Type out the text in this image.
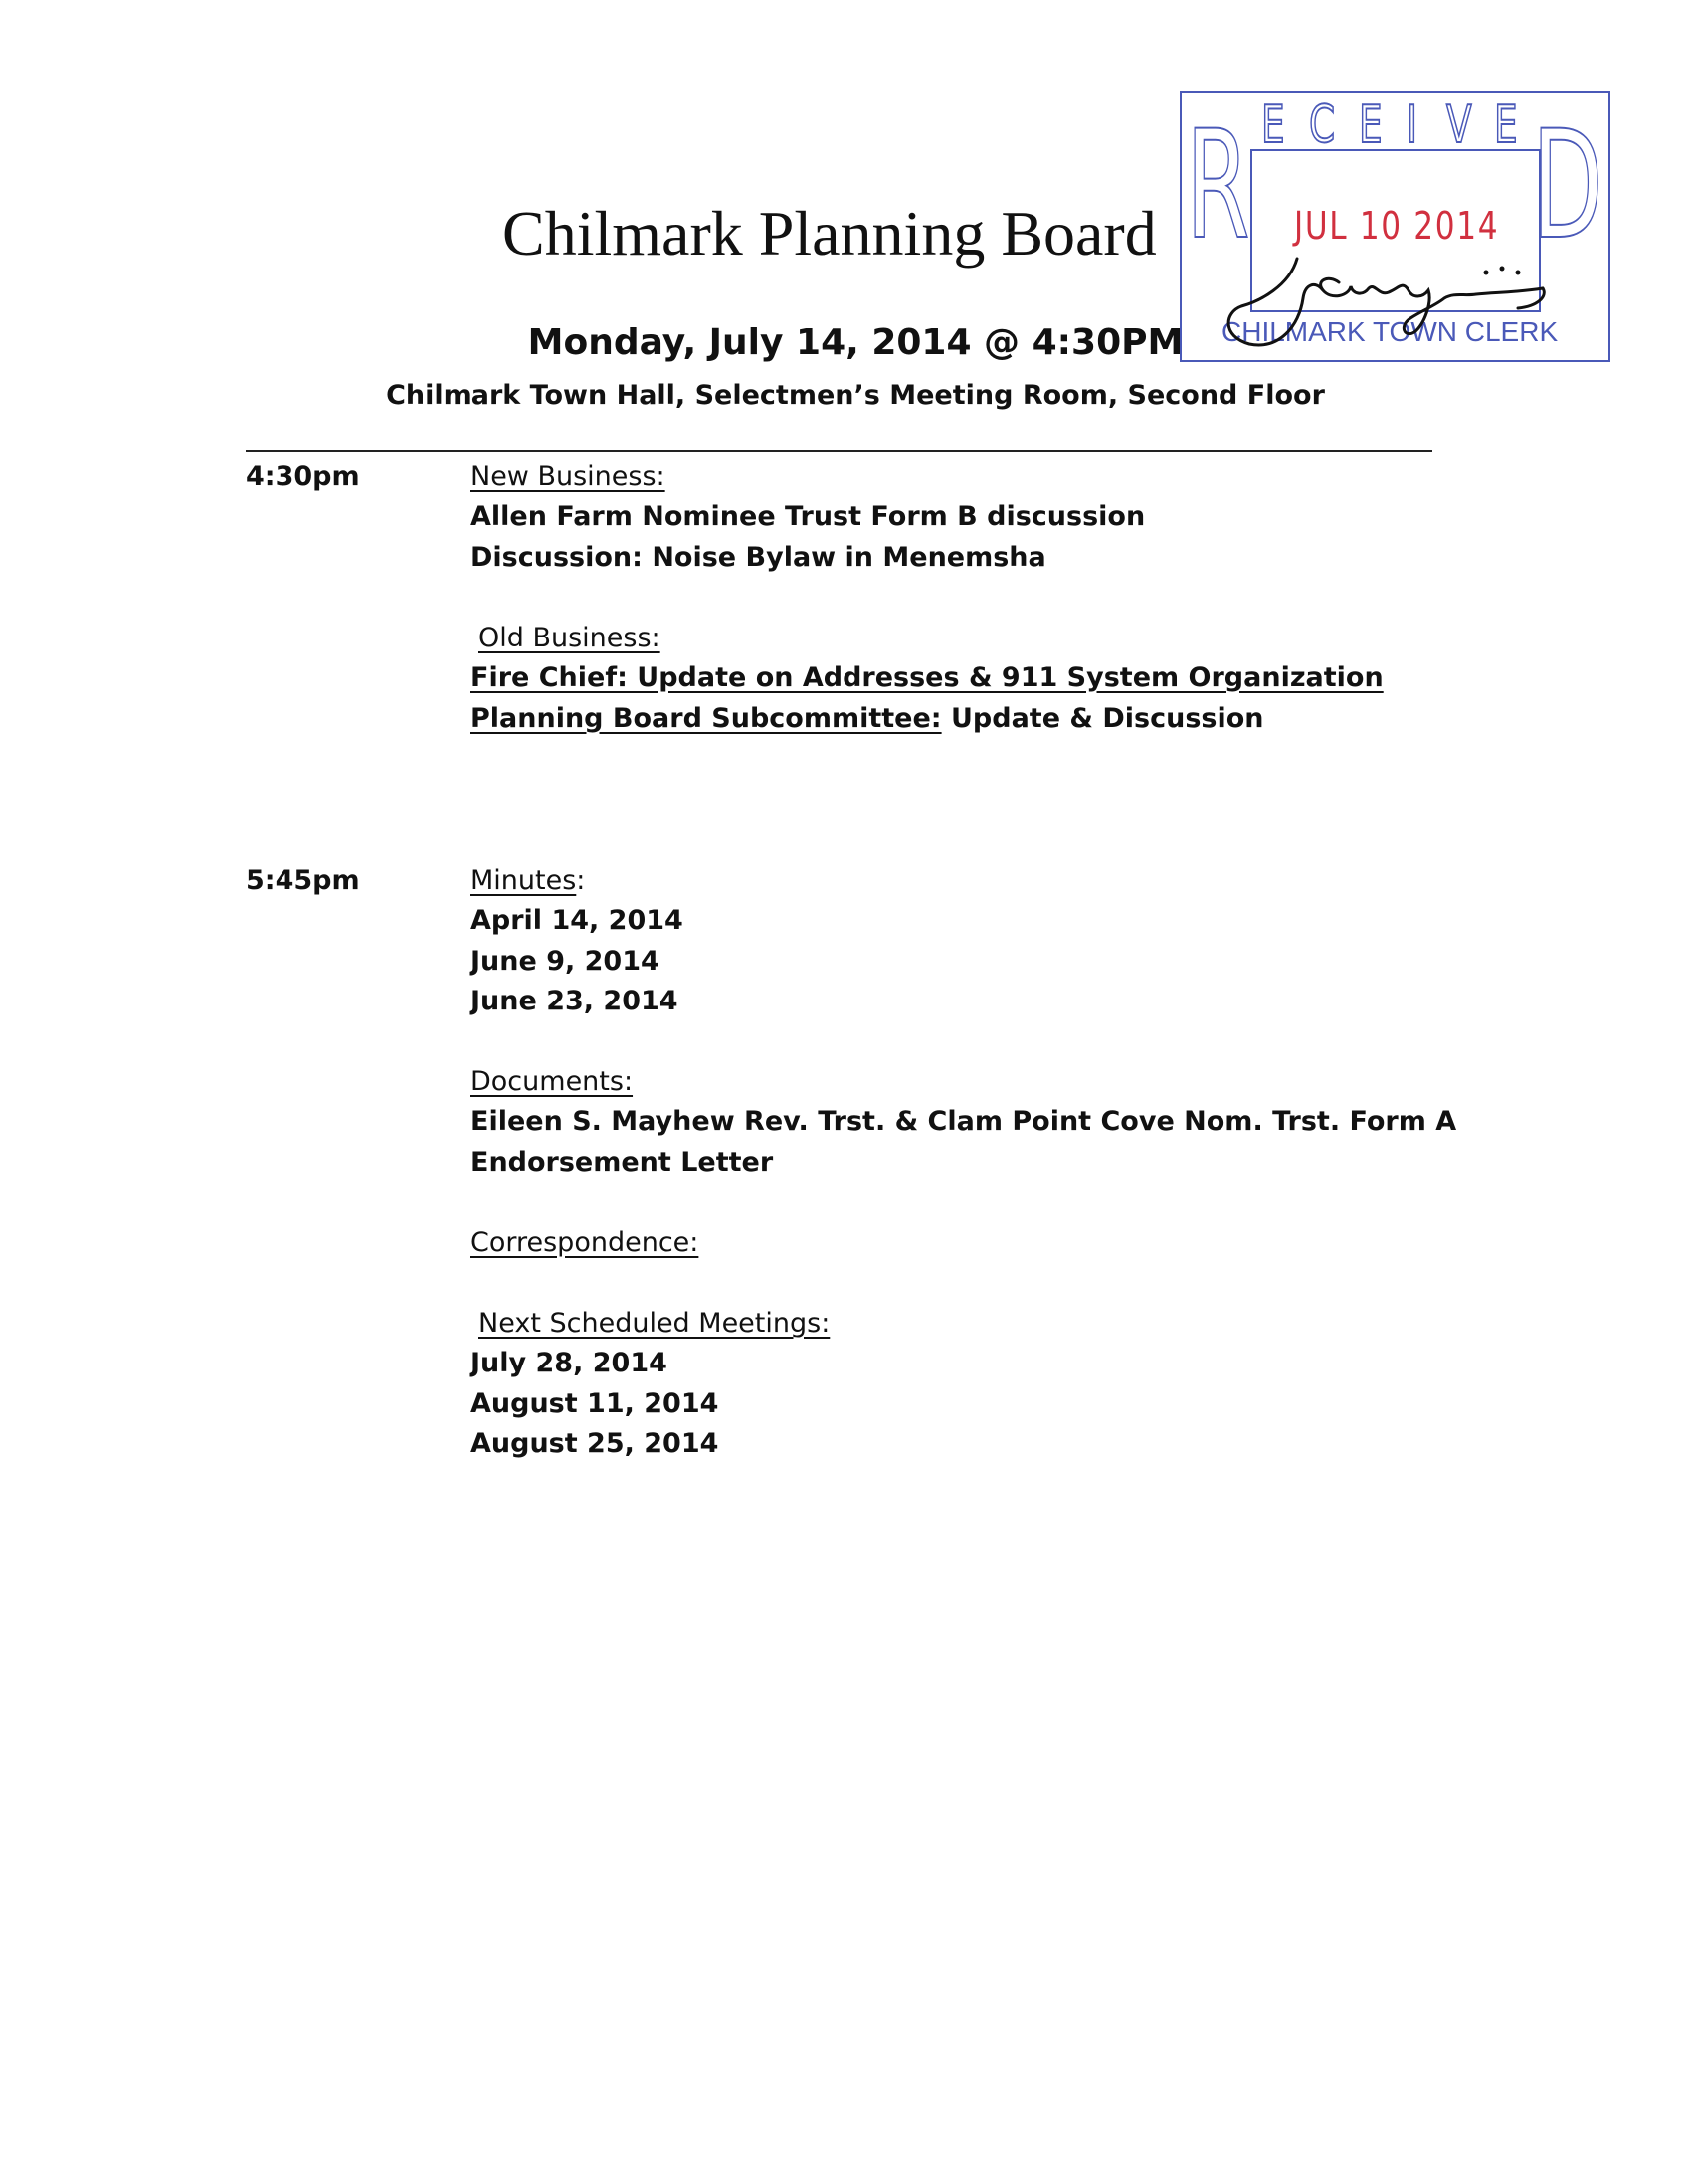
Chilmark Planning Board
Monday, July 14, 2014 @ 4:30PM
Chilmark Town Hall, Selectmen’s Meeting Room, Second Floor
R E C E I V E D
JUL 10 2014
CHILMARK TOWN CLERK
4:30pm	New Business:
Allen Farm Nominee Trust Form B discussion
Discussion: Noise Bylaw in Menemsha
Old Business:
Fire Chief: Update on Addresses & 911 System Organization
Planning Board Subcommittee: Update & Discussion
5:45pm	Minutes:
April 14, 2014
June 9, 2014
June 23, 2014
Documents:
Eileen S. Mayhew Rev. Trst. & Clam Point Cove Nom. Trst. Form A
Endorsement Letter
Correspondence:
Next Scheduled Meetings:
July 28, 2014
August 11, 2014
August 25, 2014
